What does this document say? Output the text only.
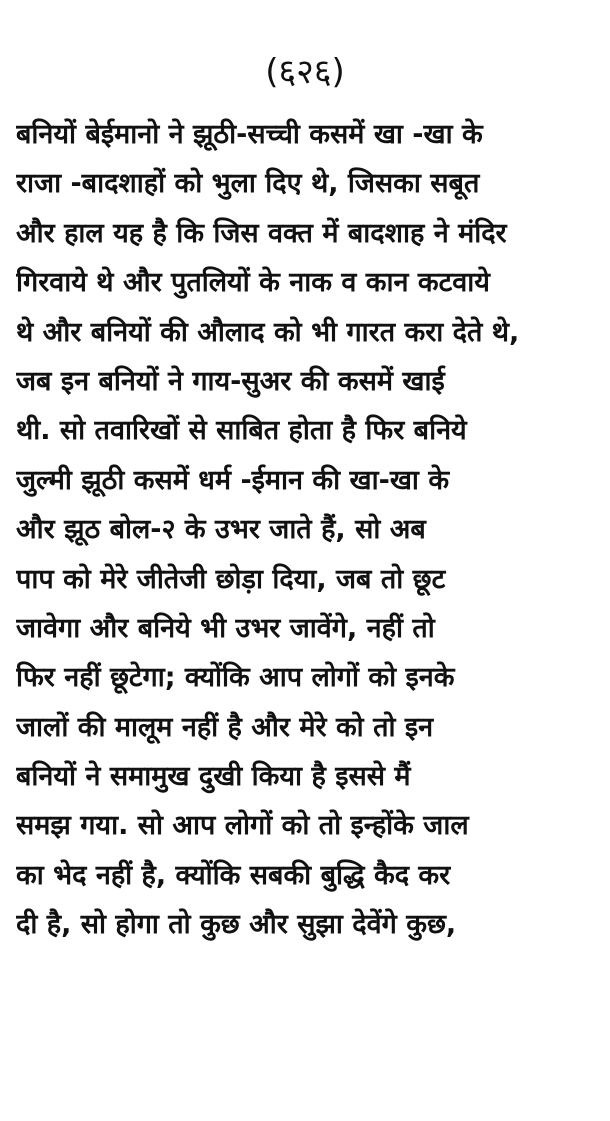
(६२६)
बनियों बेईमानो ने झूठी-सच्ची कसमें खा -खा के
राजा -बादशाहों को भुला दिए थे, जिसका सबूत
और हाल यह है कि जिस वक्त में बादशाह ने मंदिर
गिरवाये थे और पुतलियों के नाक व कान कटवाये
थे और बनियों की औलाद को भी गारत करा देते थे,
जब इन बनियों ने गाय-सुअर की कसमें खाई
थी. सो तवारिखों से साबित होता है फिर बनिये
जुल्मी झूठी कसमें धर्म -ईमान की खा-खा के
और झूठ बोल-२ के उभर जाते हैं, सो अब
पाप को मेरे जीतेजी छोड़ा दिया, जब तो छूट
जावेगा और बनिये भी उभर जावेंगे, नहीं तो
फिर नहीं छूटेगा; क्योंकि आप लोगों को इनके
जालों की मालूम नहीं है और मेरे को तो इन
बनियों ने समामुख दुखी किया है इससे मैं
समझ गया. सो आप लोगों को तो इन्होंके जाल
का भेद नहीं है, क्योंकि सबकी बुद्धि कैद कर
दी है, सो होगा तो कुछ और सुझा देवेंगे कुछ,
